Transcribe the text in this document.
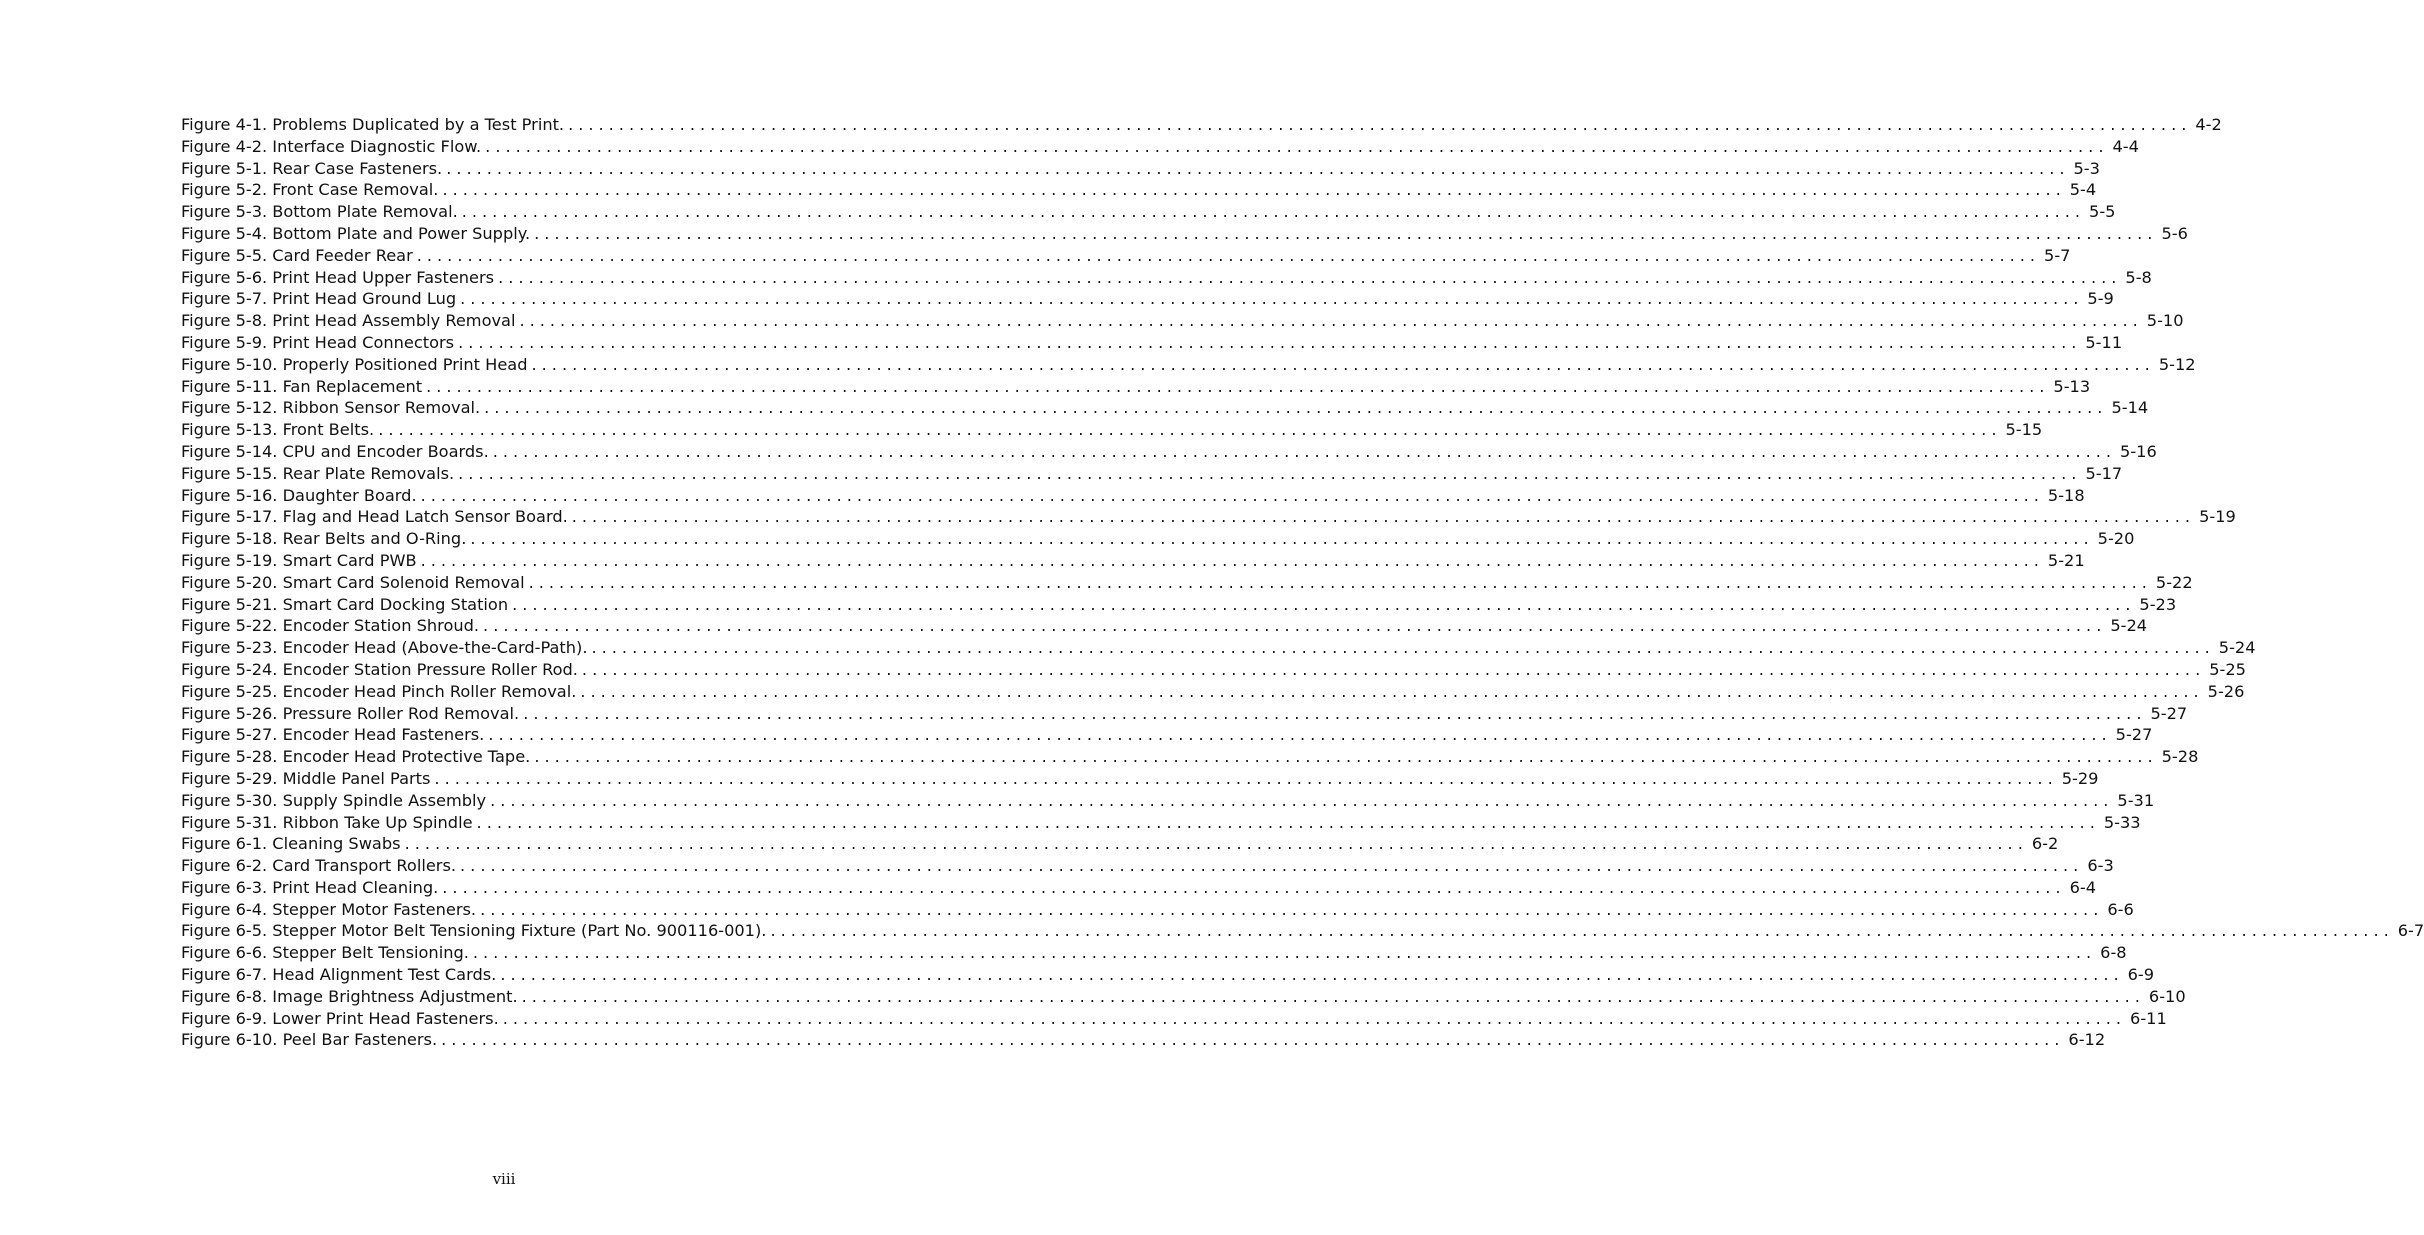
Figure 4-1. Problems Duplicated by a Test Print. ................................................................................................................................................................ 4-2
Figure 4-2. Interface Diagnostic Flow. ................................................................................................................................................................ 4-4
Figure 5-1. Rear Case Fasteners. ................................................................................................................................................................ 5-3
Figure 5-2. Front Case Removal. ................................................................................................................................................................ 5-4
Figure 5-3. Bottom Plate Removal. ................................................................................................................................................................ 5-5
Figure 5-4. Bottom Plate and Power Supply. ................................................................................................................................................................ 5-6
Figure 5-5. Card Feeder Rear ................................................................................................................................................................ 5-7
Figure 5-6. Print Head Upper Fasteners ................................................................................................................................................................ 5-8
Figure 5-7. Print Head Ground Lug ................................................................................................................................................................ 5-9
Figure 5-8. Print Head Assembly Removal ................................................................................................................................................................ 5-10
Figure 5-9. Print Head Connectors ................................................................................................................................................................ 5-11
Figure 5-10. Properly Positioned Print Head ................................................................................................................................................................ 5-12
Figure 5-11. Fan Replacement ................................................................................................................................................................ 5-13
Figure 5-12. Ribbon Sensor Removal. ................................................................................................................................................................ 5-14
Figure 5-13. Front Belts. ................................................................................................................................................................ 5-15
Figure 5-14. CPU and Encoder Boards. ................................................................................................................................................................ 5-16
Figure 5-15. Rear Plate Removals. ................................................................................................................................................................ 5-17
Figure 5-16. Daughter Board. ................................................................................................................................................................ 5-18
Figure 5-17. Flag and Head Latch Sensor Board. ................................................................................................................................................................ 5-19
Figure 5-18. Rear Belts and O-Ring. ................................................................................................................................................................ 5-20
Figure 5-19. Smart Card PWB ................................................................................................................................................................ 5-21
Figure 5-20. Smart Card Solenoid Removal ................................................................................................................................................................ 5-22
Figure 5-21. Smart Card Docking Station ................................................................................................................................................................ 5-23
Figure 5-22. Encoder Station Shroud. ................................................................................................................................................................ 5-24
Figure 5-23. Encoder Head (Above-the-Card-Path). ................................................................................................................................................................ 5-24
Figure 5-24. Encoder Station Pressure Roller Rod. ................................................................................................................................................................ 5-25
Figure 5-25. Encoder Head Pinch Roller Removal. ................................................................................................................................................................ 5-26
Figure 5-26. Pressure Roller Rod Removal. ................................................................................................................................................................ 5-27
Figure 5-27. Encoder Head Fasteners. ................................................................................................................................................................ 5-27
Figure 5-28. Encoder Head Protective Tape. ................................................................................................................................................................ 5-28
Figure 5-29. Middle Panel Parts ................................................................................................................................................................ 5-29
Figure 5-30. Supply Spindle Assembly ................................................................................................................................................................ 5-31
Figure 5-31. Ribbon Take Up Spindle ................................................................................................................................................................ 5-33
Figure 6-1. Cleaning Swabs ................................................................................................................................................................ 6-2
Figure 6-2. Card Transport Rollers. ................................................................................................................................................................ 6-3
Figure 6-3. Print Head Cleaning. ................................................................................................................................................................ 6-4
Figure 6-4. Stepper Motor Fasteners. ................................................................................................................................................................ 6-6
Figure 6-5. Stepper Motor Belt Tensioning Fixture (Part No. 900116-001). ................................................................................................................................................................ 6-7
Figure 6-6. Stepper Belt Tensioning. ................................................................................................................................................................ 6-8
Figure 6-7. Head Alignment Test Cards. ................................................................................................................................................................ 6-9
Figure 6-8. Image Brightness Adjustment. ................................................................................................................................................................ 6-10
Figure 6-9. Lower Print Head Fasteners. ................................................................................................................................................................ 6-11
Figure 6-10. Peel Bar Fasteners. ................................................................................................................................................................ 6-12
viii
